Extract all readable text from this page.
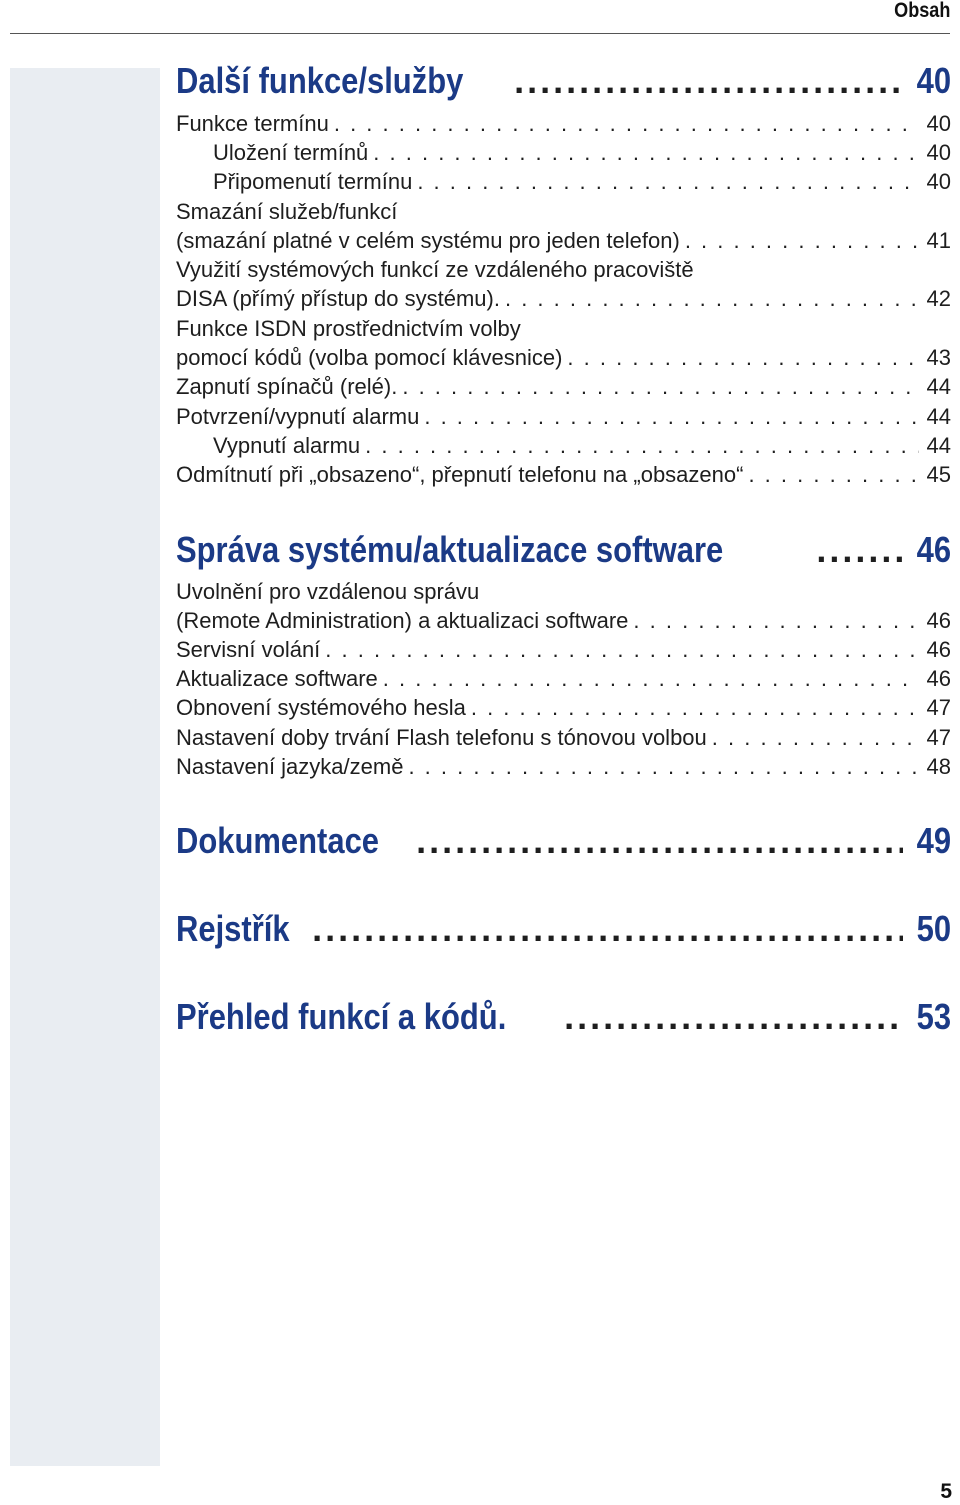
Obsah
Další funkce/služby .....	40
Funkce termínu . . .	40
Uložení termínů . . .	40
Připomenutí termínu . . .	40
Smazání služeb/funkcí
(smazání platné v celém systému pro jeden telefon) . . .	41
Využití systémových funkcí ze vzdáleného pracoviště
DISA (přímý přístup do systému). . . .	42
Funkce ISDN prostřednictvím volby
pomocí kódů (volba pomocí klávesnice) . . .	43
Zapnutí spínačů (relé). . . .	44
Potvrzení/vypnutí alarmu . . .	44
Vypnutí alarmu . . .	44
Odmítnutí při „obsazeno“, přepnutí telefonu na „obsazeno“ . . .	45
Správa systému/aktualizace software .....	46
Uvolnění pro vzdálenou správu
(Remote Administration) a aktualizaci software . . .	46
Servisní volání . . .	46
Aktualizace software . . .	46
Obnovení systémového hesla . . .	47
Nastavení doby trvání Flash telefonu s tónovou volbou . . .	47
Nastavení jazyka/země . . .	48
Dokumentace .....	49
Rejstřík .....	50
Přehled funkcí a kódů. .....	53
5
